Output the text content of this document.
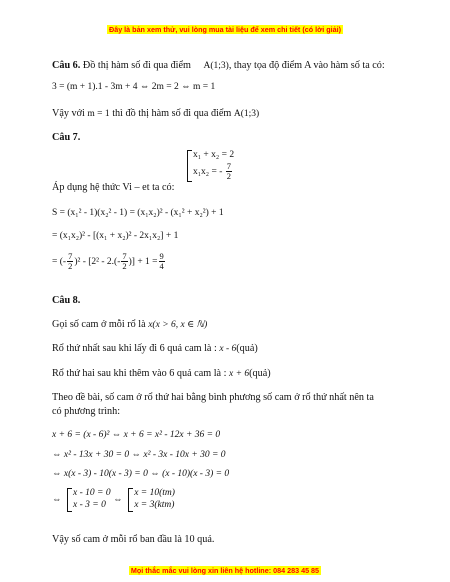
Đây là bản xem thử, vui lòng mua tài liệu để xem chi tiết (có lời giải)
Câu 6. Đồ thị hàm số đi qua điểm A(1;3), thay tọa độ điểm A vào hàm số ta có:
3 = (m + 1).1 - 3m + 4 ⇔ 2m = 2 ⇔ m = 1
Vậy với m = 1 thì đồ thị hàm số đi qua điểm A(1;3)
Câu 7.
x₁ + x₂ = 2
x₁x₂ = - $\frac{7}{2}$
Áp dụng hệ thức Vi – et ta có:
S = (x₁² - 1)(x₂² - 1) = (x₁x₂)² - (x₁² + x₂²) + 1
= (x₁x₂)² - [(x₁ + x₂)² - 2x₁x₂] + 1
= (- $\frac{7}{2} )^2 - [2^2 - 2.(- \frac{7}{2}$ )] + $1 = \frac{9}{4}$
Câu 8.
Gọi số cam ở mỗi rổ là x(x > 6, x ∈ ℕ)
Rổ thứ nhất sau khi lấy đi 6 quả cam là : x - 6(quả)
Rổ thứ hai sau khi thêm vào 6 quả cam là : x + 6(quả)
Theo đề bài, số cam ở rổ thứ hai bằng bình phương số cam ở rổ thứ nhất nên ta
có phương trình:
x + 6 = (x - 6)² ⇔ x + 6 = x² - 12x + 36 = 0
⇔ x² - 13x + 30 = 0 ⇔ x² - 3x - 10x + 30 = 0
⇔ x(x - 3) - 10(x - 3) = 0 ⇔ (x - 10)(x - 3) = 0
⇔
x - 10 = 0
x - 3 = 0 ⇔
x = 10(tm)
x = 3(ktm)
Vậy số cam ở mỗi rổ ban đầu là 10 quả.
Mọi thắc mắc vui lòng xin liên hệ hotline: 084 283 45 85
